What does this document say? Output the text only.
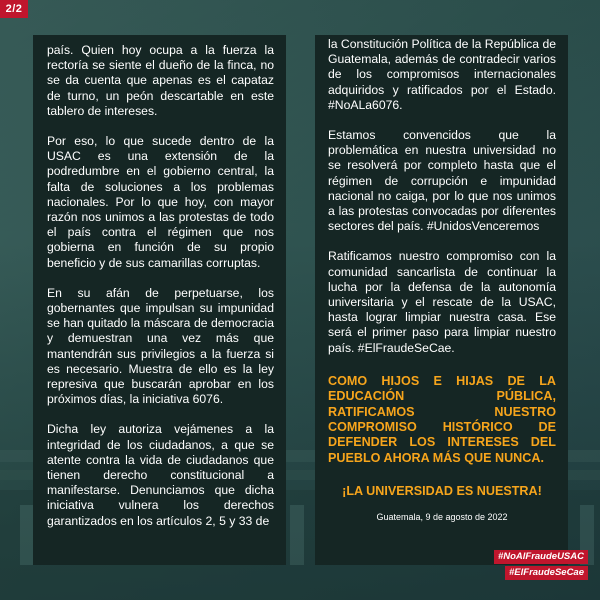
2/2

país. Quien hoy ocupa a la fuerza la rectoría se siente el dueño de la finca, no se da cuenta que apenas es el capataz de turno, un peón descartable en este tablero de intereses.

Por eso, lo que sucede dentro de la USAC es una extensión de la podredumbre en el gobierno central, la falta de soluciones a los problemas nacionales. Por lo que hoy, con mayor razón nos unimos a las protestas de todo el país contra el régimen que nos gobierna en función de su propio beneficio y de sus camarillas corruptas.

En su afán de perpetuarse, los gobernantes que impulsan su impunidad se han quitado la máscara de democracia y demuestran una vez más que mantendrán sus privilegios a la fuerza si es necesario. Muestra de ello es la ley represiva que buscarán aprobar en los próximos días, la iniciativa 6076.

Dicha ley autoriza vejámenes a la integridad de los ciudadanos, a que se atente contra la vida de ciudadanos que tienen derecho constitucional a manifestarse. Denunciamos que dicha iniciativa vulnera los derechos garantizados en los artículos 2, 5 y 33 de

la Constitución Política de la República de Guatemala, además de contradecir varios de los compromisos internacionales adquiridos y ratificados por el Estado. #NoALa6076.

Estamos convencidos que la problemática en nuestra universidad no se resolverá por completo hasta que el régimen de corrupción e impunidad nacional no caiga, por lo que nos unimos a las protestas convocadas por diferentes sectores del país. #UnidosVenceremos

Ratificamos nuestro compromiso con la comunidad sancarlista de continuar la lucha por la defensa de la autonomía universitaria y el rescate de la USAC, hasta lograr limpiar nuestra casa. Ese será el primer paso para limpiar nuestro país. #ElFraudeSeCae.

COMO HIJOS E HIJAS DE LA EDUCACIÓN PÚBLICA, RATIFICAMOS NUESTRO COMPROMISO HISTÓRICO DE DEFENDER LOS INTERESES DEL PUEBLO AHORA MÁS QUE NUNCA.

¡LA UNIVERSIDAD ES NUESTRA!

Guatemala, 9 de agosto de 2022

#NoAlFraudeUSAC
#ElFraudeSeCae
